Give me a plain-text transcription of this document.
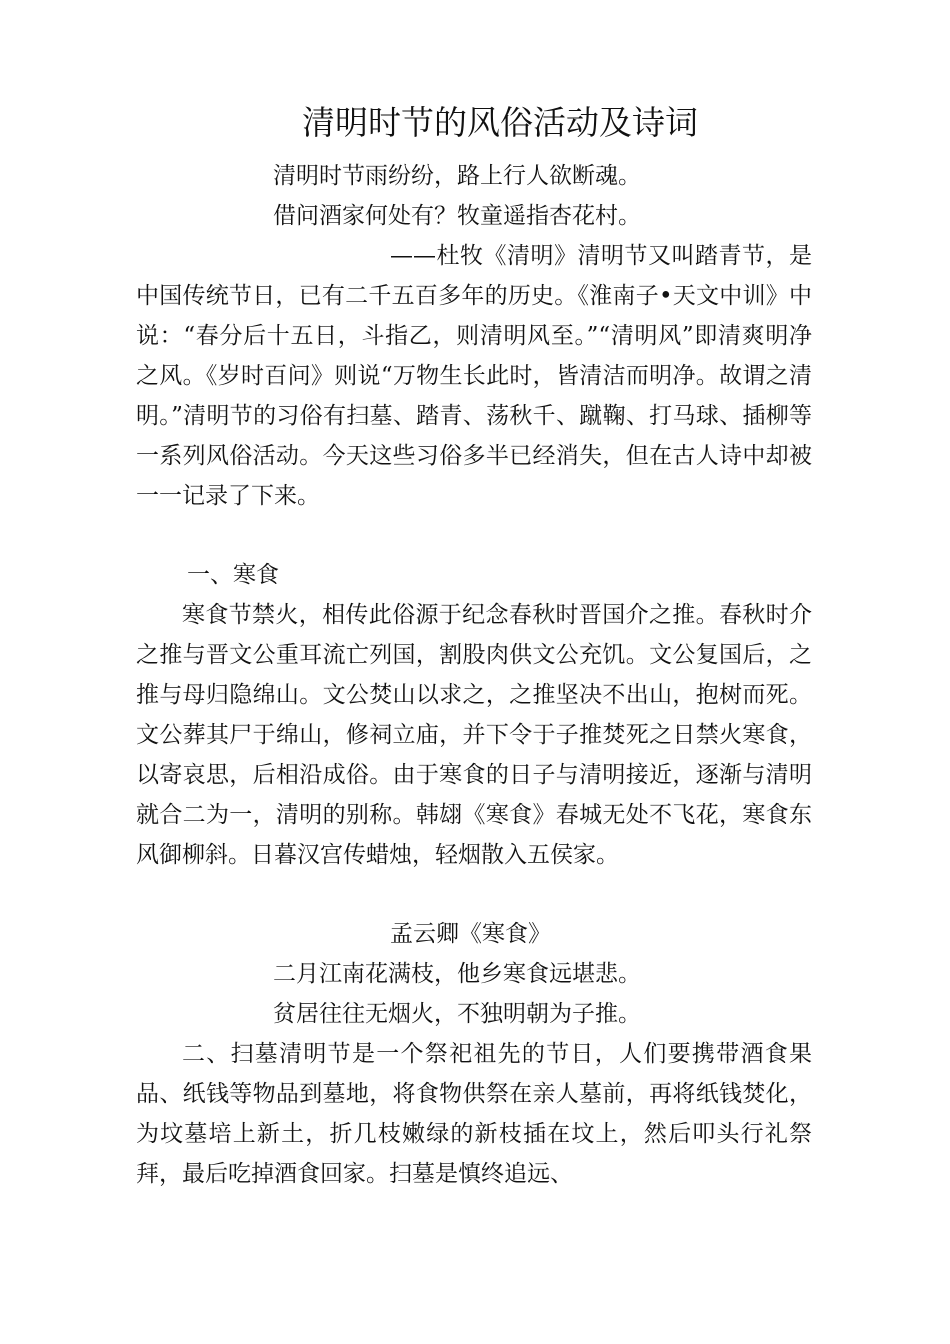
清明时节的风俗活动及诗词
清明时节雨纷纷，路上行人欲断魂。
借问酒家何处有？牧童遥指杏花村。

——杜牧《清明》清明节又叫踏青节，是中国传统节日，已有二千五百多年的历史。《淮南子•天文中训》中说：“春分后十五日，斗指乙，则清明风至。”“清明风”即清爽明净之风。《岁时百问》则说“万物生长此时，皆清洁而明净。故谓之清明。”清明节的习俗有扫墓、踏青、荡秋千、蹴鞠、打马球、插柳等一系列风俗活动。今天这些习俗多半已经消失，但在古人诗中却被一一记录了下来。

一、寒食

寒食节禁火，相传此俗源于纪念春秋时晋国介之推。春秋时介之推与晋文公重耳流亡列国，割股肉供文公充饥。文公复国后，之推与母归隐绵山。文公焚山以求之，之推坚决不出山，抱树而死。文公葬其尸于绵山，修祠立庙，并下令于子推焚死之日禁火寒食，以寄哀思，后相沿成俗。由于寒食的日子与清明接近，逐渐与清明就合二为一，清明的别称。韩翃《寒食》春城无处不飞花，寒食东风御柳斜。日暮汉宫传蜡烛，轻烟散入五侯家。

孟云卿《寒食》
二月江南花满枝，他乡寒食远堪悲。
贫居往往无烟火，不独明朝为子推。

二、扫墓清明节是一个祭祀祖先的节日，人们要携带酒食果品、纸钱等物品到墓地，将食物供祭在亲人墓前，再将纸钱焚化，为坟墓培上新土，折几枝嫩绿的新枝插在坟上，然后叩头行礼祭拜，最后吃掉酒食回家。扫墓是慎终追远、
